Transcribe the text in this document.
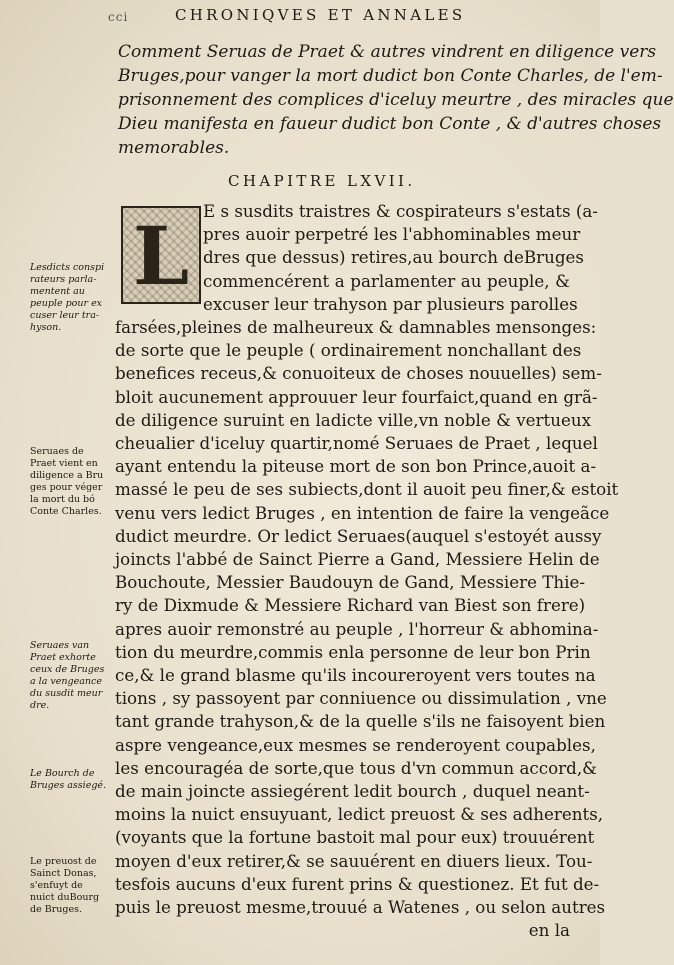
cci	CHRONIQVES ET ANNALES
Comment Seruas de Praet & autres vindrent en diligence vers
Bruges,pour vanger la mort dudict bon Conte Charles, de l'em-
prisonnement des complices d'iceluy meurtre , des miracles que
Dieu manifesta en faueur dudict bon Conte , & d'autres choses
memorables.
CHAPITRE LXVII.
L E s susdits traistres & cospirateurs s'estats (a-
pres auoir perpetré les l'abhominables meur
dres que dessus) retires,au bourch deBruges
commencérent a parlamenter au peuple, &
excuser leur trahyson par plusieurs parolles
farsées,pleines de malheureux & damnables mensonges:
de sorte que le peuple ( ordinairement nonchallant des
benefices receus,& conuoiteux de choses nouuelles) sem-
bloit aucunement approuuer leur fourfaict,quand en grã-
de diligence suruint en ladicte ville,vn noble & vertueux
cheualier d'iceluy quartir,nomé Seruaes de Praet , lequel
ayant entendu la piteuse mort de son bon Prince,auoit a-
massé le peu de ses subiects,dont il auoit peu finer,& estoit
venu vers ledict Bruges , en intention de faire la vengeãce
dudict meurdre. Or ledict Seruaes(auquel s'estoyét aussy
joincts l'abbé de Sainct Pierre a Gand, Messiere Helin de
Bouchoute, Messier Baudouyn de Gand, Messiere Thie-
ry de Dixmude & Messiere Richard van Biest son frere)
apres auoir remonstré au peuple , l'horreur & abhomina-
tion du meurdre,commis enla personne de leur bon Prin
ce,& le grand blasme qu'ils incoureroyent vers toutes na
tions , sy passoyent par conniuence ou dissimulation , vne
tant grande trahyson,& de la quelle s'ils ne faisoyent bien
aspre vengeance,eux mesmes se renderoyent coupables,
les encouragéa de sorte,que tous d'vn commun accord,&
de main joincte assiegérent ledit bourch , duquel neant-
moins la nuict ensuyuant, ledict preuost & ses adherents,
(voyants que la fortune bastoit mal pour eux) trouuérent
moyen d'eux retirer,& se sauuérent en diuers lieux. Tou-
tesfois aucuns d'eux furent prins & questionez. Et fut de-
puis le preuost mesme,trouué a Watenes , ou selon autres
en la
Lesdicts conspi
rateurs parla-
mentent au
peuple pour ex
cuser leur tra-
hyson.
Seruaes de
Praet vient en
diligence a Bru
ges pour véger
la mort du bó
Conte Charles.
Seruaes van
Praet exhorte
ceux de Bruges
a la vengeance
du susdit meur
dre.
Le Bourch de
Bruges assiegé.
Le preuost de
Sainct Donas,
s'enfuyt de
nuict duBourg
de Bruges.
